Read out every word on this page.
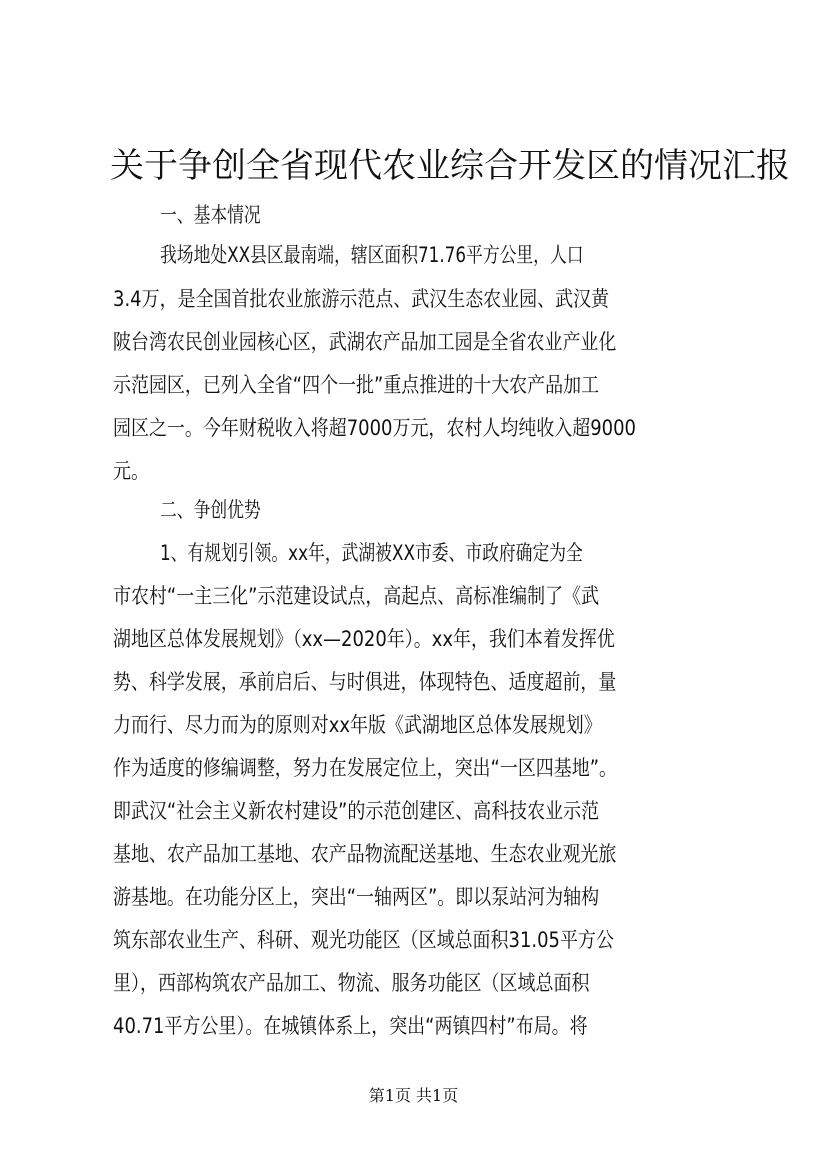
关于争创全省现代农业综合开发区的情况汇报
一、基本情况
我场地处XX县区最南端，辖区面积71.76平方公里，人口
3.4万，是全国首批农业旅游示范点、武汉生态农业园、武汉黄
陂台湾农民创业园核心区，武湖农产品加工园是全省农业产业化
示范园区，已列入全省“四个一批”重点推进的十大农产品加工
园区之一。今年财税收入将超7000万元，农村人均纯收入超9000
元。
二、争创优势
1、有规划引领。xx年，武湖被XX市委、市政府确定为全
市农村“一主三化”示范建设试点，高起点、高标准编制了《武
湖地区总体发展规划》（xx—2020年）。xx年，我们本着发挥优
势、科学发展，承前启后、与时俱进，体现特色、适度超前，量
力而行、尽力而为的原则对xx年版《武湖地区总体发展规划》
作为适度的修编调整，努力在发展定位上，突出“一区四基地”。
即武汉“社会主义新农村建设”的示范创建区、高科技农业示范
基地、农产品加工基地、农产品物流配送基地、生态农业观光旅
游基地。在功能分区上，突出“一轴两区”。即以泵站河为轴构
筑东部农业生产、科研、观光功能区（区域总面积31.05平方公
里），西部构筑农产品加工、物流、服务功能区（区域总面积
40.71平方公里）。在城镇体系上，突出“两镇四村”布局。将
第1页 共1页
